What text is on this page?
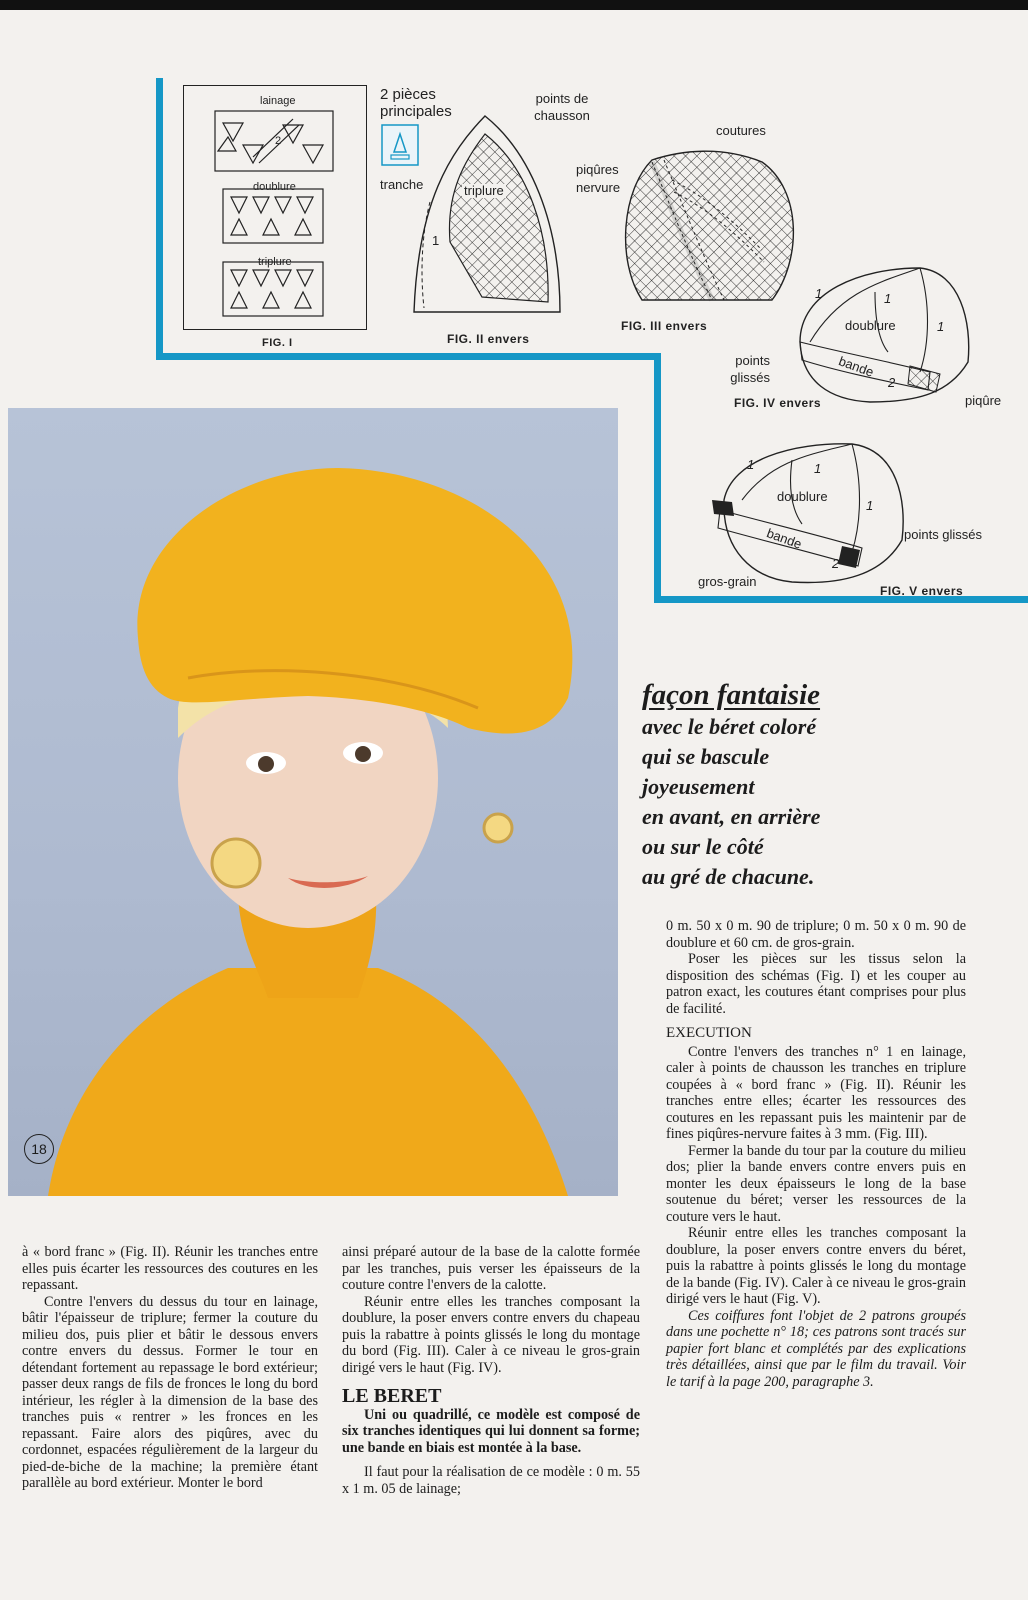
lainage
doublure
triplure
2
FIG. I
2 pièces principales
tranche
points de chausson
triplure
1
FIG. II envers
coutures
piqûres
nervure
FIG. III envers
1	1
1
doublure
points glissés	bande
2
piqûre
FIG. IV envers
1	1
1
doublure
bande
2
points glissés
gros-grain
FIG. V envers
18
façon fantaisie
avec le béret coloré
qui se bascule
joyeusement
en avant, en arrière
ou sur le côté
au gré de chacune.

0 m. 50 x 0 m. 90 de triplure; 0 m. 50 x 0 m. 90 de doublure et 60 cm. de gros-grain.

Poser les pièces sur les tissus selon la disposition des schémas (Fig. I) et les couper au patron exact, les coutures étant comprises pour plus de facilité.

EXECUTION

Contre l'envers des tranches n° 1 en lainage, caler à points de chausson les tranches en triplure coupées à « bord franc » (Fig. II). Réunir les tranches entre elles; écarter les ressources des coutures en les repassant puis les maintenir par de fines piqûres-nervure faites à 3 mm. (Fig. III).

Fermer la bande du tour par la couture du milieu dos; plier la bande envers contre envers puis en monter les deux épaisseurs le long de la base soutenue du béret; verser les ressources de la couture vers le haut.

Réunir entre elles les tranches composant la doublure, la poser envers contre envers du béret, puis la rabattre à points glissés le long du montage de la bande (Fig. IV). Caler à ce niveau le gros-grain dirigé vers le haut (Fig. V).

Ces coiffures font l'objet de 2 patrons groupés dans une pochette n° 18; ces patrons sont tracés sur papier fort blanc et complétés par des explications très détaillées, ainsi que par le film du travail. Voir le tarif à la page 200, paragraphe 3.

à « bord franc » (Fig. II). Réunir les tranches entre elles puis écarter les ressources des coutures en les repassant.

Contre l'envers du dessus du tour en lainage, bâtir l'épaisseur de triplure; fermer la couture du milieu dos, puis plier et bâtir le dessous envers contre envers du dessus. Former le tour en détendant fortement au repassage le bord extérieur; passer deux rangs de fils de fronces le long du bord intérieur, les régler à la dimension de la base des tranches puis « rentrer » les fronces en les repassant. Faire alors des piqûres, avec du cordonnet, espacées régulièrement de la largeur du pied-de-biche de la machine; la première étant parallèle au bord extérieur. Monter le bord

ainsi préparé autour de la base de la calotte formée par les tranches, puis verser les épaisseurs de la couture contre l'envers de la calotte.

Réunir entre elles les tranches composant la doublure, la poser envers contre envers du chapeau puis la rabattre à points glissés le long du montage du bord (Fig. III). Caler à ce niveau le gros-grain dirigé vers le haut (Fig. IV).

LE BERET

Uni ou quadrillé, ce modèle est composé de six tranches identiques qui lui donnent sa forme; une bande en biais est montée à la base.

Il faut pour la réalisation de ce modèle : 0 m. 55 x 1 m. 05 de lainage;
